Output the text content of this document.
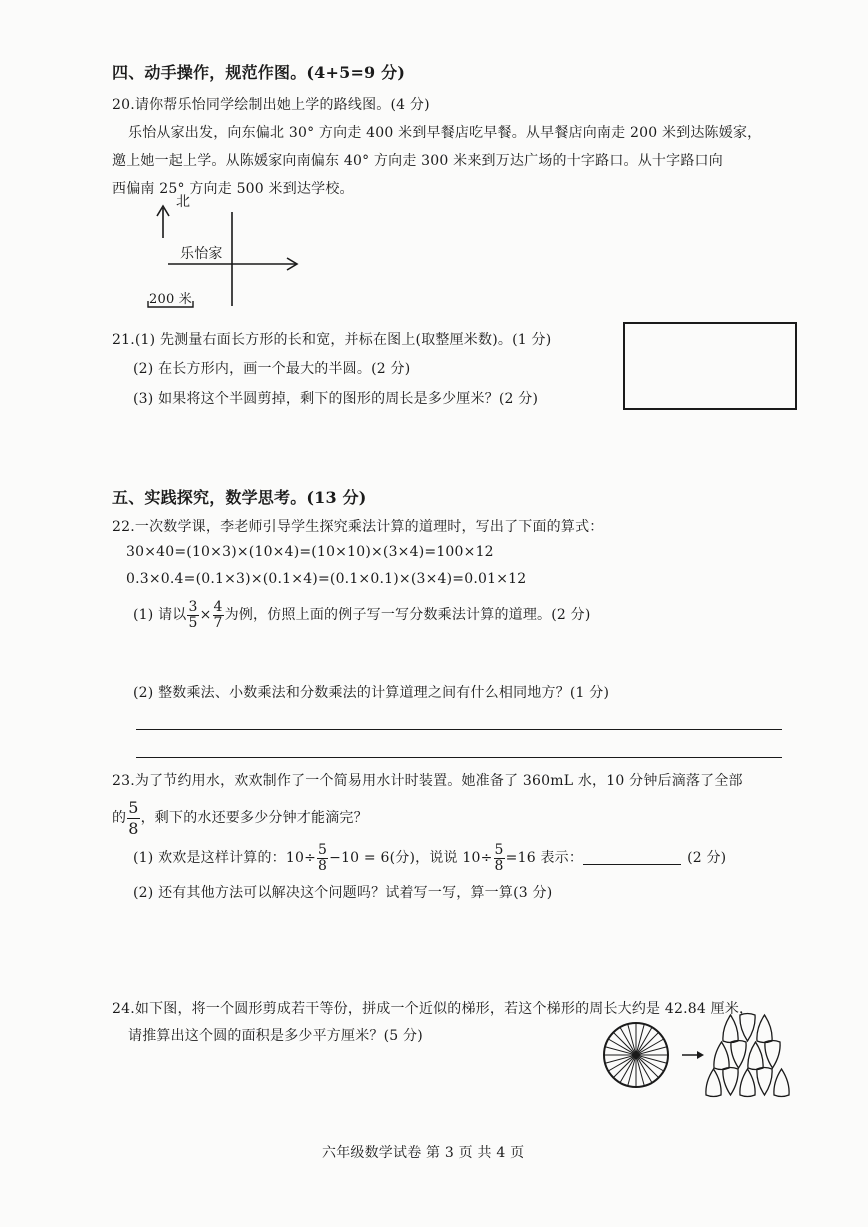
四、动手操作，规范作图。(4+5=9 分)
20.请你帮乐怡同学绘制出她上学的路线图。(4 分)
乐怡从家出发，向东偏北 30° 方向走 400 米到早餐店吃早餐。从早餐店向南走 200 米到达陈媛家，
邀上她一起上学。从陈媛家向南偏东 40° 方向走 300 米来到万达广场的十字路口。从十字路口向
西偏南 25° 方向走 500 米到达学校。
北
乐怡家
200 米
21.(1) 先测量右面长方形的长和宽，并标在图上(取整厘米数)。(1 分)
(2) 在长方形内，画一个最大的半圆。(2 分)
(3) 如果将这个半圆剪掉，剩下的图形的周长是多少厘米？(2 分)
五、实践探究，数学思考。(13 分)
22.一次数学课，李老师引导学生探究乘法计算的道理时，写出了下面的算式：
30×40=(10×3)×(10×4)=(10×10)×(3×4)=100×12
0.3×0.4=(0.1×3)×(0.1×4)=(0.1×0.1)×(3×4)=0.01×12
(1) 请以 $\frac{3}{5} \times \frac{4}{7}$ 为例，仿照上面的例子写一写分数乘法计算的道理。(2 分)
(2) 整数乘法、小数乘法和分数乘法的计算道理之间有什么相同地方？(1 分)
23.为了节约用水，欢欢制作了一个简易用水计时装置。她准备了 360mL 水，10 分钟后滴落了全部
的 $\frac{5}{8}$ ，剩下的水还要多少分钟才能滴完？
(1) 欢欢是这样计算的：$10\div \frac{5}{8} -10 = 6$(分)，说说 $10\div \frac{5}{8} =16$ 表示：	(2 分)
(2) 还有其他方法可以解决这个问题吗？试着写一写，算一算(3 分)
24.如下图，将一个圆形剪成若干等份，拼成一个近似的梯形，若这个梯形的周长大约是 42.84 厘米，
请推算出这个圆的面积是多少平方厘米？(5 分)
六年级数学试卷 第 3 页 共 4 页
